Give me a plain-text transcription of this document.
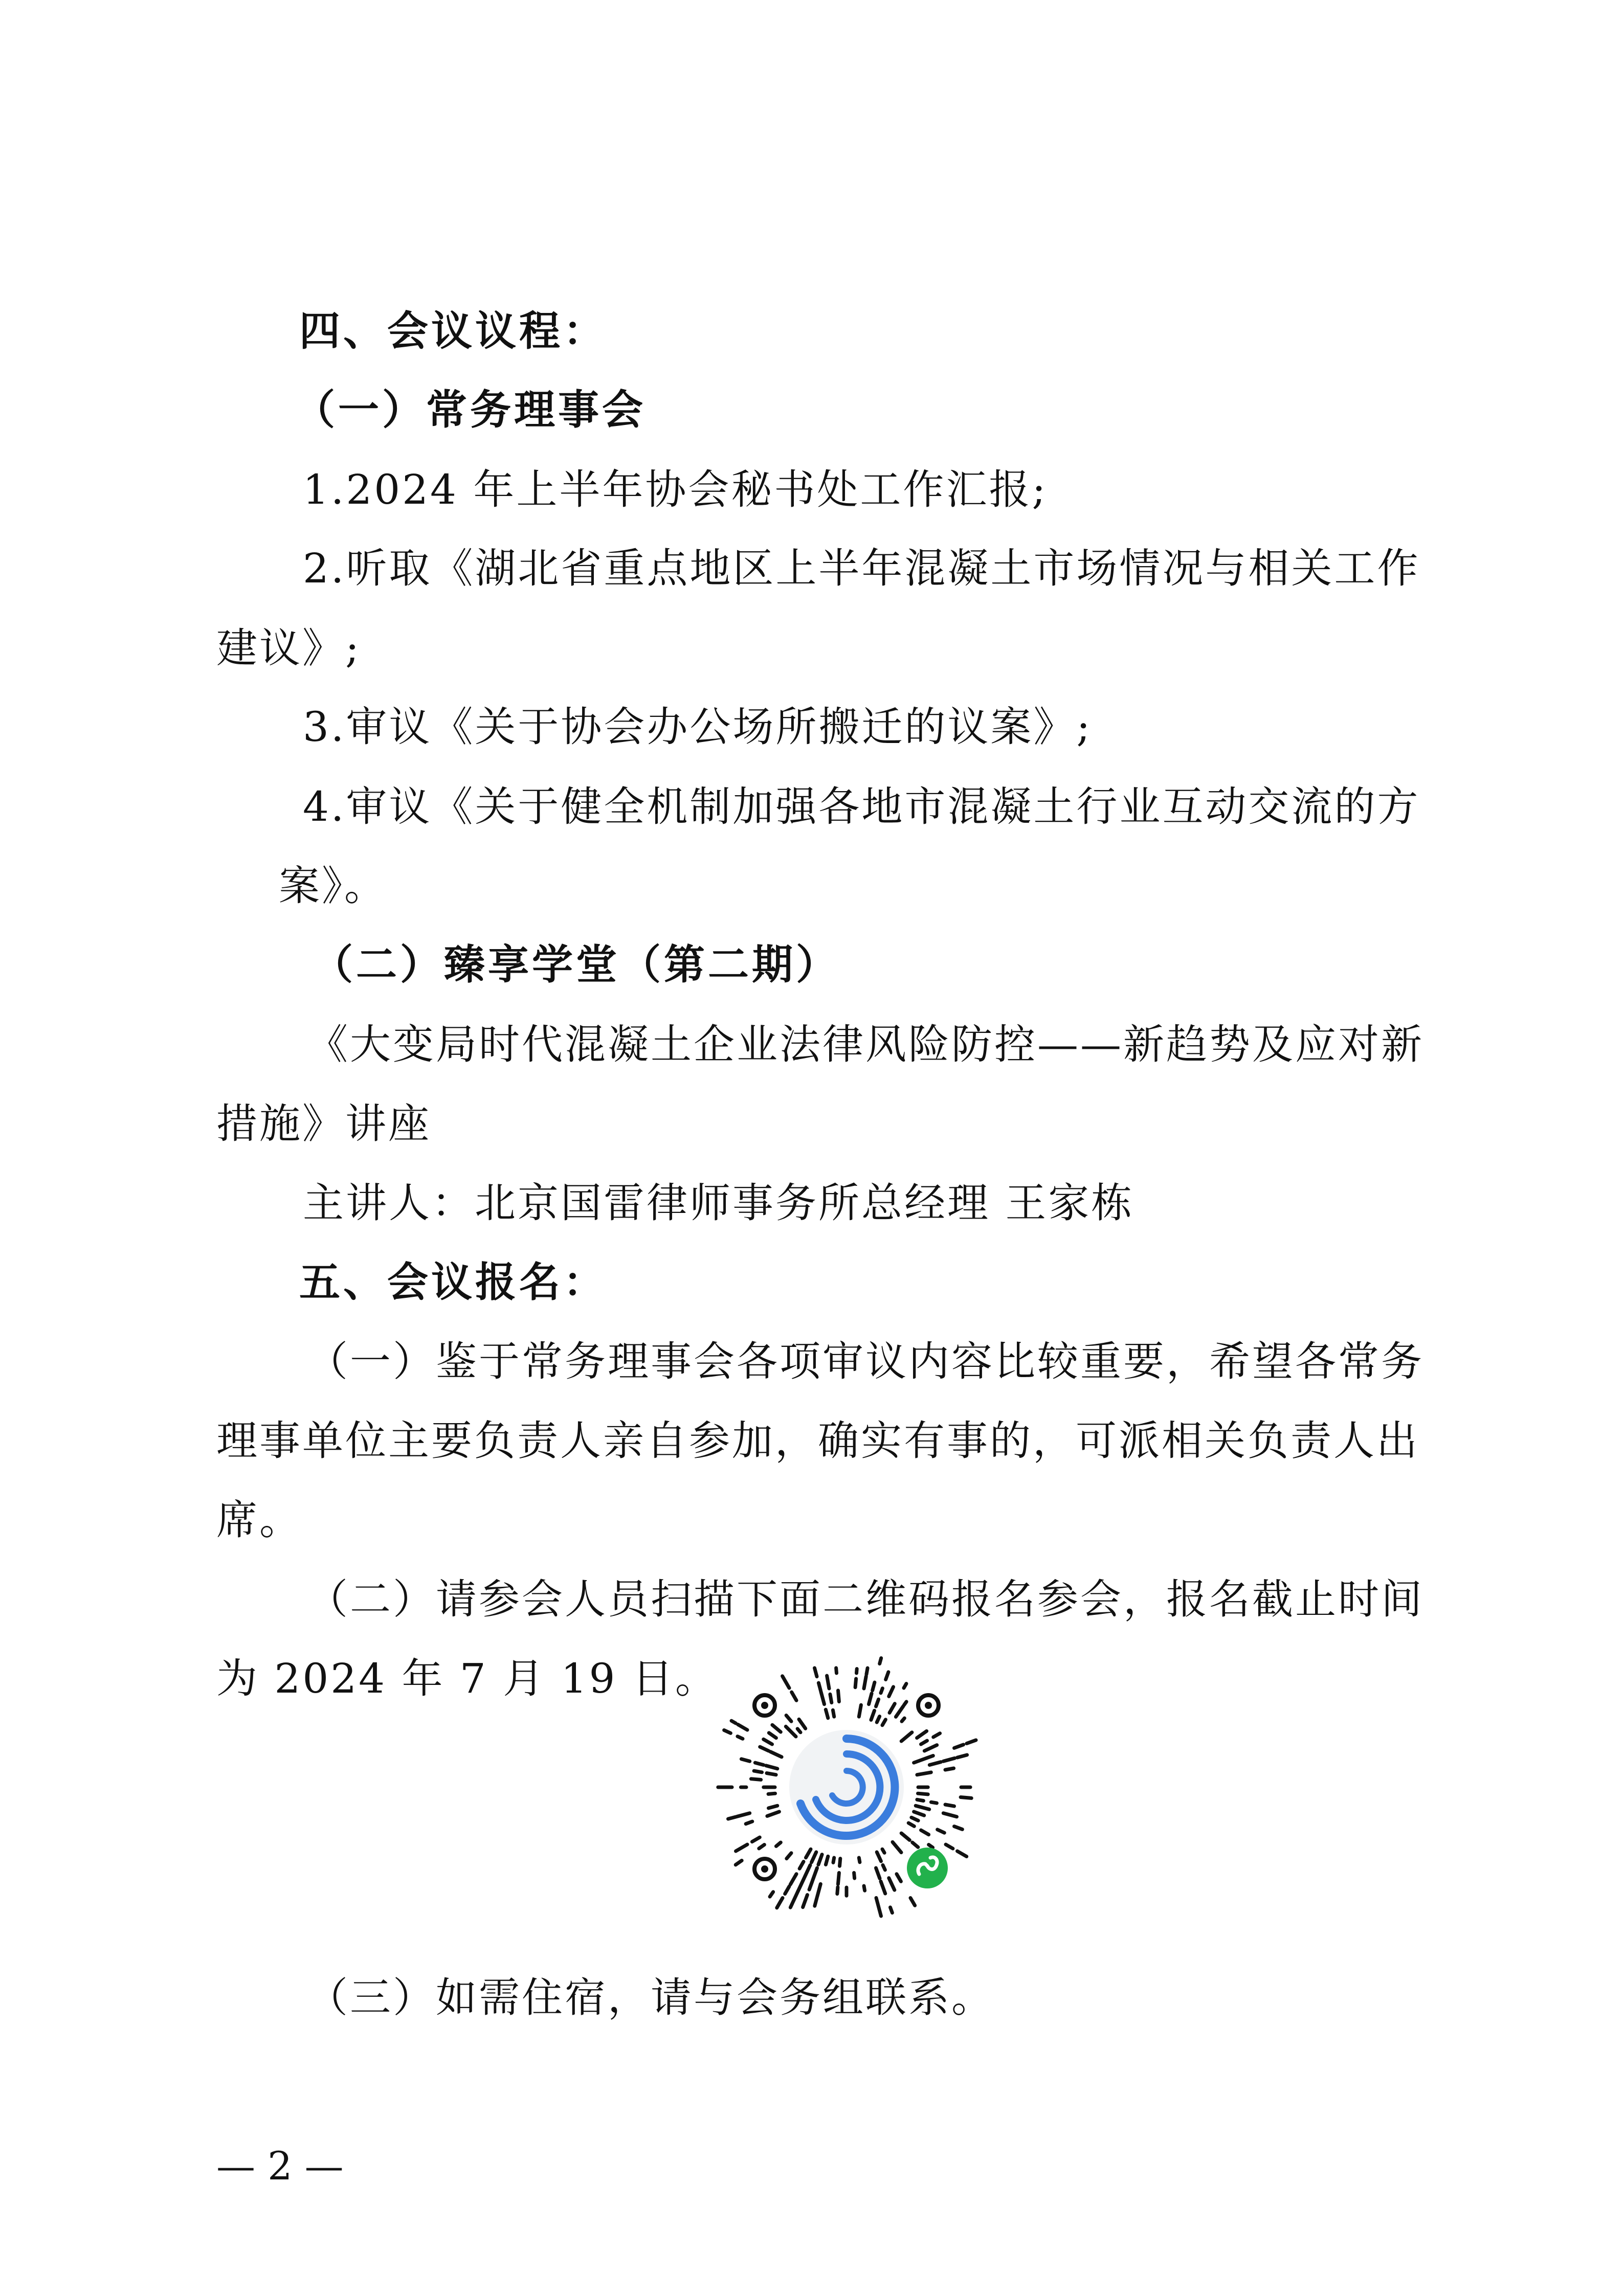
四、会议议程：
（一）常务理事会
1.2024 年上半年协会秘书处工作汇报;
2.听取《湖北省重点地区上半年混凝土市场情况与相关工作
建议》;
3.审议《关于协会办公场所搬迁的议案》;
4.审议《关于健全机制加强各地市混凝土行业互动交流的方
案》。
（二）臻享学堂（第二期）
《大变局时代混凝土企业法律风险防控——新趋势及应对新
措施》讲座
主讲人：北京国雷律师事务所总经理 王家栋
五、会议报名：
（一）鉴于常务理事会各项审议内容比较重要，希望各常务
理事单位主要负责人亲自参加，确实有事的，可派相关负责人出
席。
（二）请参会人员扫描下面二维码报名参会，报名截止时间
为 2024 年 7 月 19 日。
（三）如需住宿，请与会务组联系。
— 2 —
